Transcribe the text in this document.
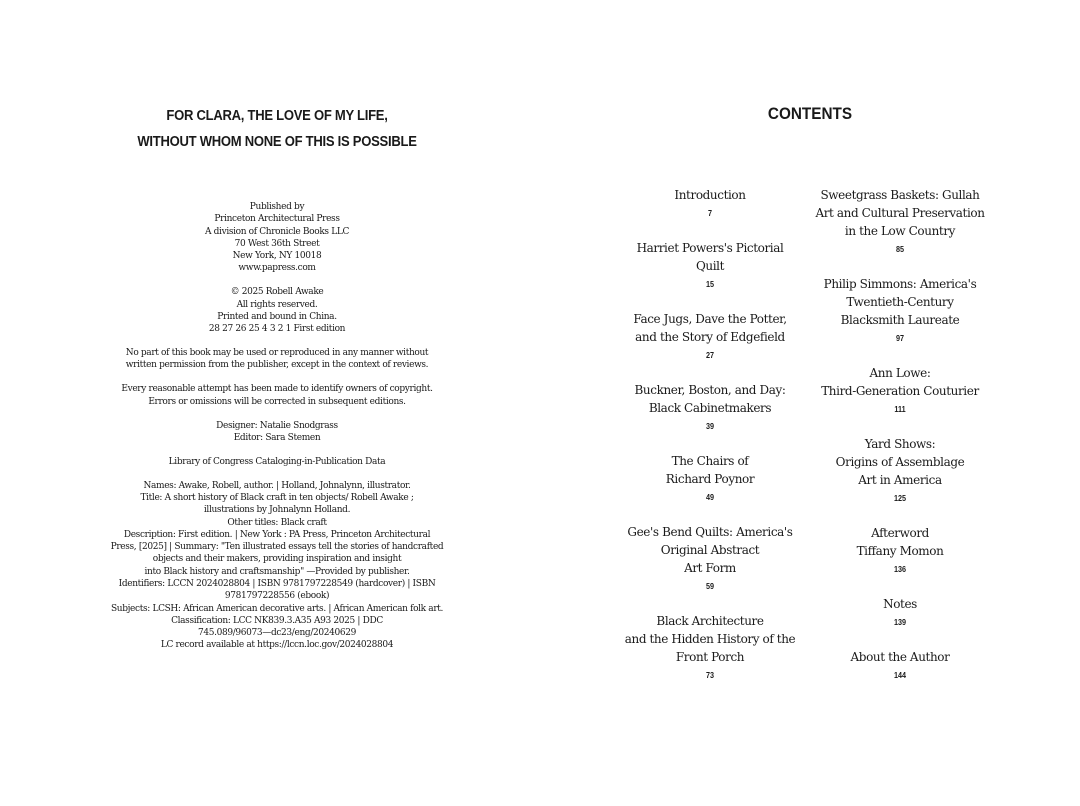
FOR CLARA, THE LOVE OF MY LIFE,
WITHOUT WHOM NONE OF THIS IS POSSIBLE
Published by
Princeton Architectural Press
A division of Chronicle Books LLC
70 West 36th Street
New York, NY 10018
www.papress.com
© 2025 Robell Awake
All rights reserved.
Printed and bound in China.
28 27 26 25 4 3 2 1 First edition
No part of this book may be used or reproduced in any manner without
written permission from the publisher, except in the context of reviews.
Every reasonable attempt has been made to identify owners of copyright.
Errors or omissions will be corrected in subsequent editions.
Designer: Natalie Snodgrass
Editor: Sara Stemen
Library of Congress Cataloging-in-Publication Data
Names: Awake, Robell, author. | Holland, Johnalynn, illustrator.
Title: A short history of Black craft in ten objects/ Robell Awake ;
illustrations by Johnalynn Holland.
Other titles: Black craft
Description: First edition. | New York : PA Press, Princeton Architectural
Press, [2025] | Summary: "Ten illustrated essays tell the stories of handcrafted
objects and their makers, providing inspiration and insight
into Black history and craftsmanship" —Provided by publisher.
Identifiers: LCCN 2024028804 | ISBN 9781797228549 (hardcover) | ISBN
9781797228556 (ebook)
Subjects: LCSH: African American decorative arts. | African American folk art.
Classification: LCC NK839.3.A35 A93 2025 | DDC
745.089/96073—dc23/eng/20240629
LC record available at https://lccn.loc.gov/2024028804
CONTENTS
Introduction
7
Harriet Powers's Pictorial
Quilt
15
Face Jugs, Dave the Potter,
and the Story of Edgefield
27
Buckner, Boston, and Day:
Black Cabinetmakers
39
The Chairs of
Richard Poynor
49
Gee's Bend Quilts: America's
Original Abstract
Art Form
59
Black Architecture
and the Hidden History of the
Front Porch
73
Sweetgrass Baskets: Gullah
Art and Cultural Preservation
in the Low Country
85
Philip Simmons: America's
Twentieth-Century
Blacksmith Laureate
97
Ann Lowe:
Third-Generation Couturier
111
Yard Shows:
Origins of Assemblage
Art in America
125
Afterword
Tiffany Momon
136
Notes
139
About the Author
144
